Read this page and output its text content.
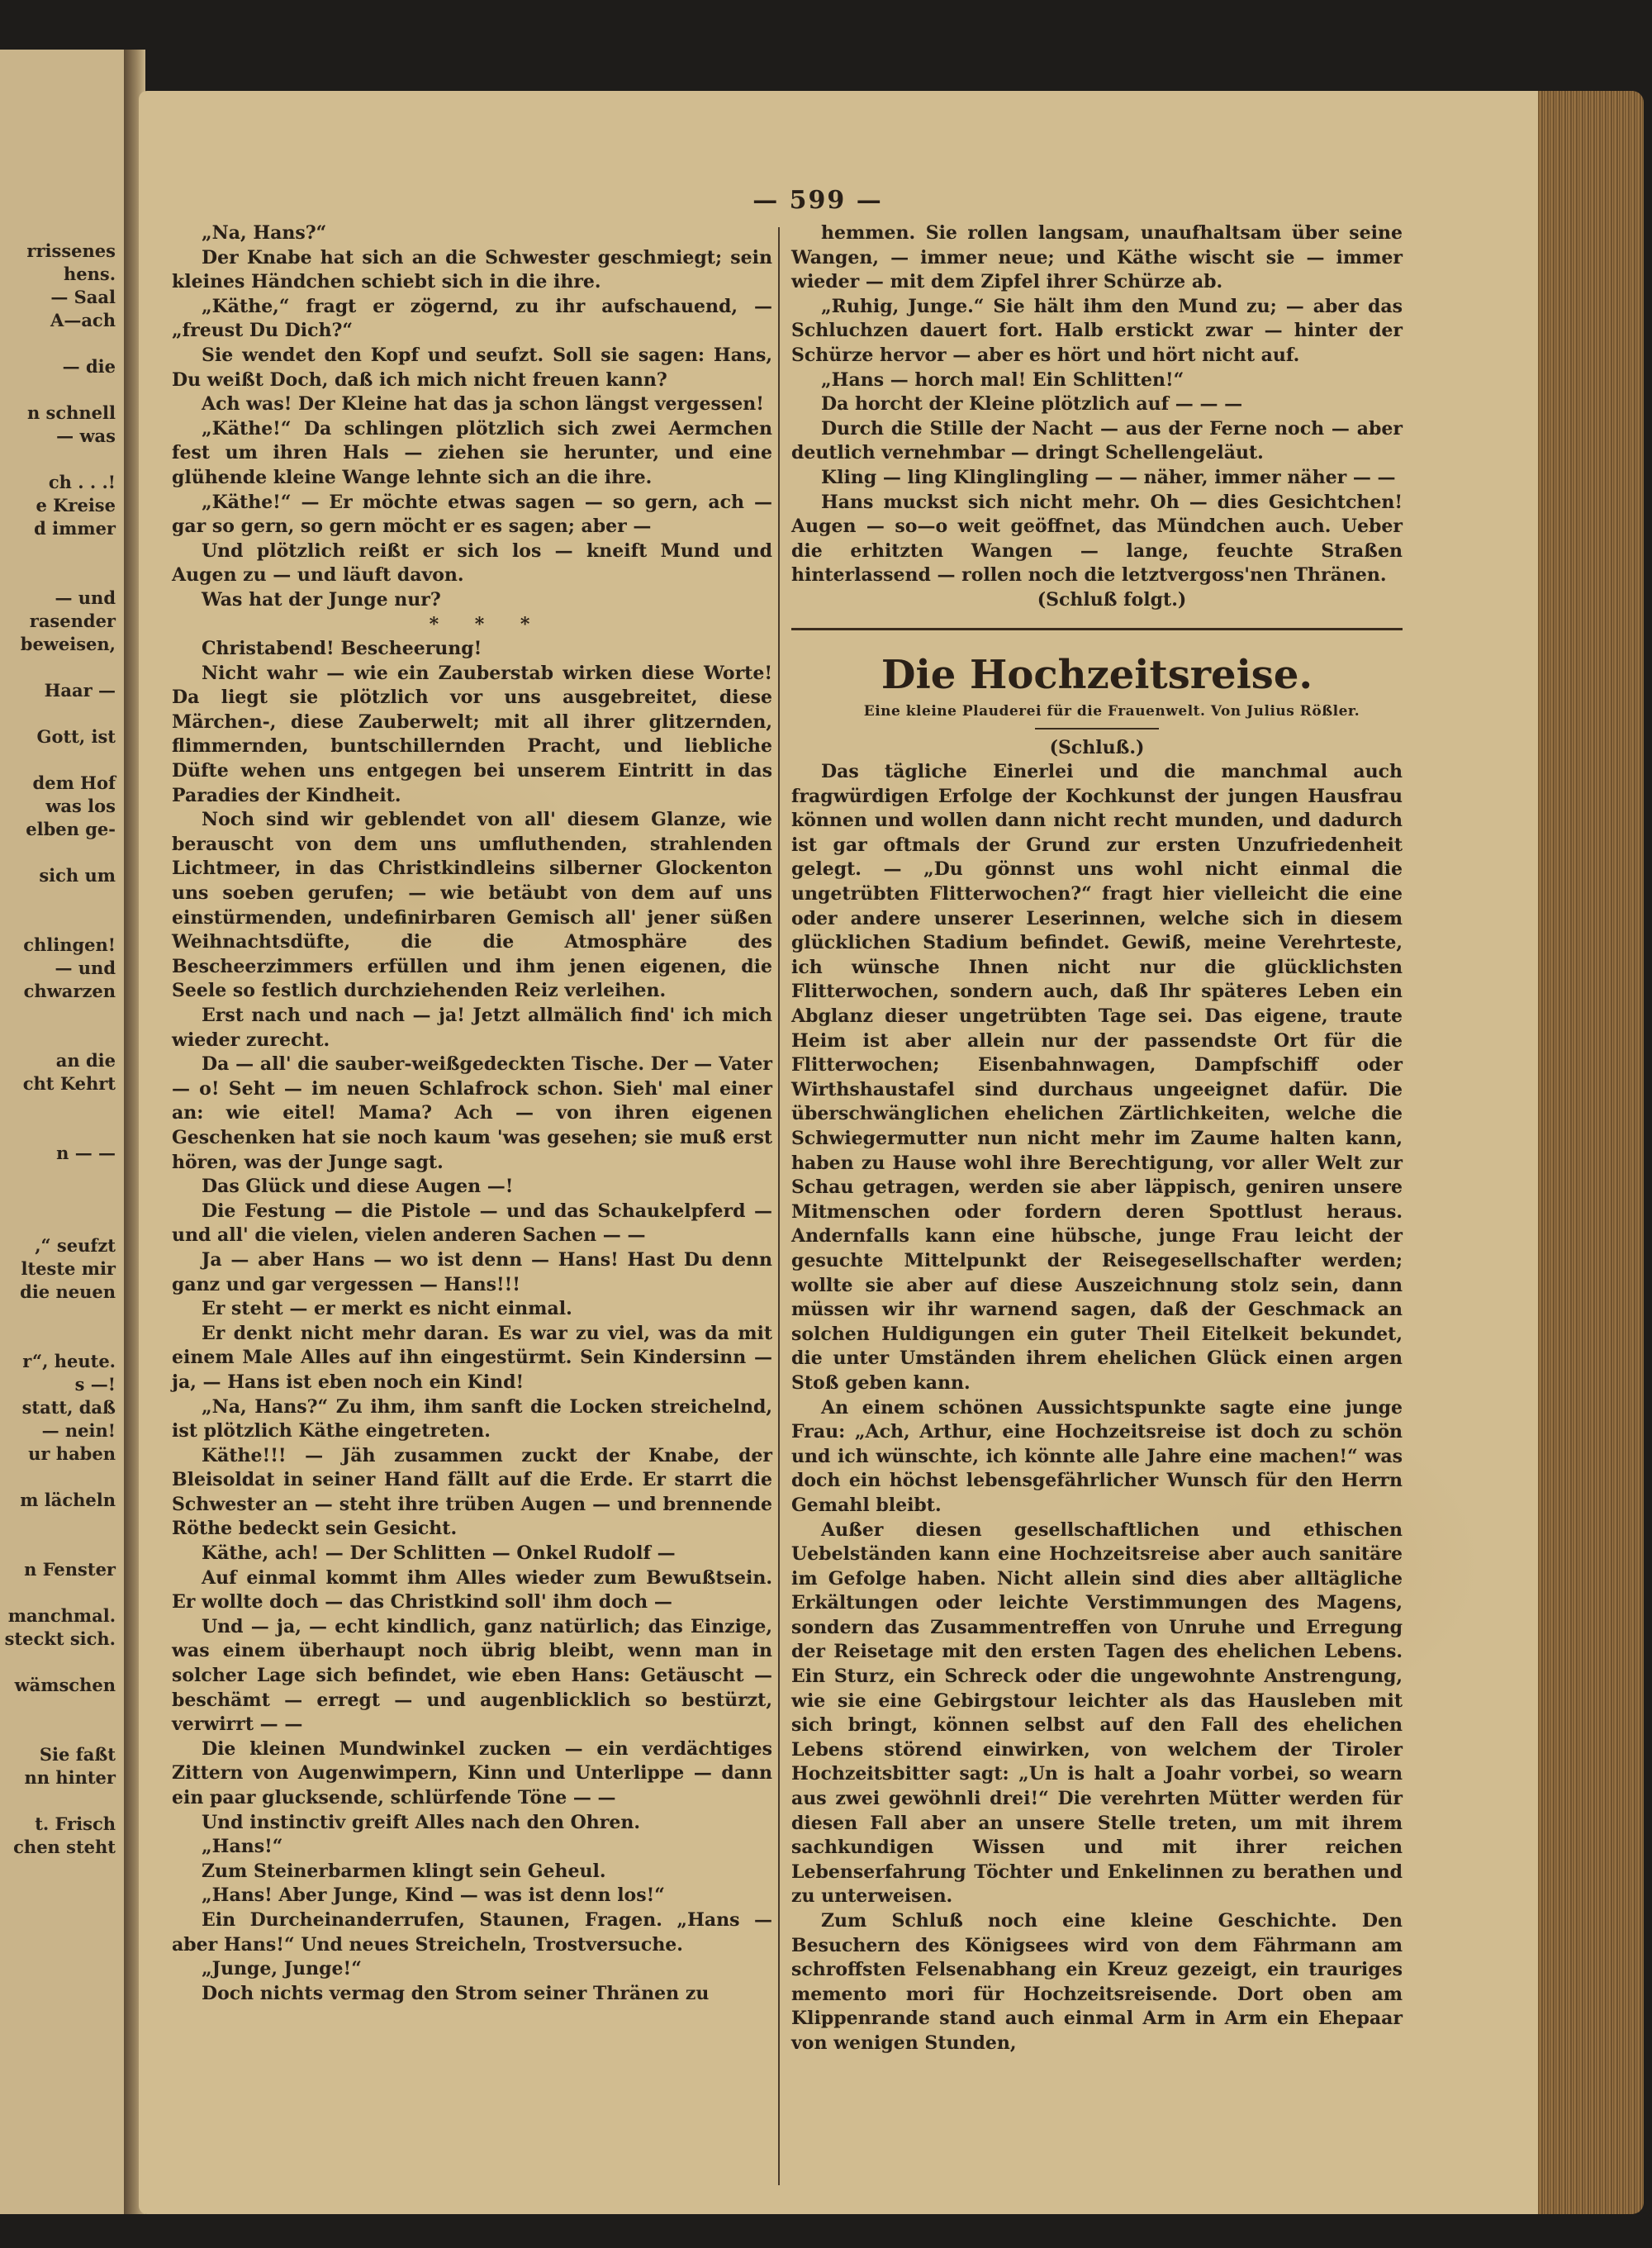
rrissenes

hens.

— Saal

A—ach

— die

n schnell

— was

ch . . .!

e Kreise

d immer

— und

rasender

beweisen,

Haar —

Gott, ist

dem Hof

was los

elben ge-

sich um

chlingen!

— und

chwarzen

an die

cht Kehrt

n — —

,“ seufzt

lteste mir

die neuen

r“, heute.

s —!

statt, daß

— nein!

ur haben

m lächeln

n Fenster

manchmal.

steckt sich.

wämschen

Sie faßt

nn hinter

t. Frisch

chen steht

— 599 —

„Na, Hans?“

Der Knabe hat sich an die Schwester geschmiegt; sein kleines Händchen schiebt sich in die ihre.

„Käthe,“ fragt er zögernd, zu ihr aufschauend, — „freust Du Dich?“

Sie wendet den Kopf und seufzt. Soll sie sagen: Hans, Du weißt Doch, daß ich mich nicht freuen kann?

Ach was! Der Kleine hat das ja schon längst vergessen!

„Käthe!“ Da schlingen plötzlich sich zwei Aermchen fest um ihren Hals — ziehen sie herunter, und eine glühende kleine Wange lehnte sich an die ihre.

„Käthe!“ — Er möchte etwas sagen — so gern, ach — gar so gern, so gern möcht er es sagen; aber —

Und plötzlich reißt er sich los — kneift Mund und Augen zu — und läuft davon.

Was hat der Junge nur?

* * *

Christabend! Bescheerung!

Nicht wahr — wie ein Zauberstab wirken diese Worte! Da liegt sie plötzlich vor uns ausgebreitet, diese Märchen-, diese Zauberwelt; mit all ihrer glitzernden, flimmernden, buntschillernden Pracht, und liebliche Düfte wehen uns entgegen bei unserem Eintritt in das Paradies der Kindheit.

Noch sind wir geblendet von all' diesem Glanze, wie berauscht von dem uns umfluthenden, strahlenden Lichtmeer, in das Christkindleins silberner Glockenton uns soeben gerufen; — wie betäubt von dem auf uns einstürmenden, undefinirbaren Gemisch all' jener süßen Weihnachtsdüfte, die die Atmosphäre des Bescheerzimmers erfüllen und ihm jenen eigenen, die Seele so festlich durchziehenden Reiz verleihen.

Erst nach und nach — ja! Jetzt allmälich find' ich mich wieder zurecht.

Da — all' die sauber-weißgedeckten Tische. Der — Vater — o! Seht — im neuen Schlafrock schon. Sieh' mal einer an: wie eitel! Mama? Ach — von ihren eigenen Geschenken hat sie noch kaum 'was gesehen; sie muß erst hören, was der Junge sagt.

Das Glück und diese Augen —!

Die Festung — die Pistole — und das Schaukelpferd — und all' die vielen, vielen anderen Sachen — —

Ja — aber Hans — wo ist denn — Hans! Hast Du denn ganz und gar vergessen — Hans!!!

Er steht — er merkt es nicht einmal.

Er denkt nicht mehr daran. Es war zu viel, was da mit einem Male Alles auf ihn eingestürmt. Sein Kindersinn — ja, — Hans ist eben noch ein Kind!

„Na, Hans?“ Zu ihm, ihm sanft die Locken streichelnd, ist plötzlich Käthe eingetreten.

Käthe!!! — Jäh zusammen zuckt der Knabe, der Bleisoldat in seiner Hand fällt auf die Erde. Er starrt die Schwester an — steht ihre trüben Augen — und brennende Röthe bedeckt sein Gesicht.

Käthe, ach! — Der Schlitten — Onkel Rudolf —

Auf einmal kommt ihm Alles wieder zum Bewußtsein. Er wollte doch — das Christkind soll' ihm doch —

Und — ja, — echt kindlich, ganz natürlich; das Einzige, was einem überhaupt noch übrig bleibt, wenn man in solcher Lage sich befindet, wie eben Hans: Getäuscht — beschämt — erregt — und augenblicklich so bestürzt, verwirrt — —

Die kleinen Mundwinkel zucken — ein verdächtiges Zittern von Augenwimpern, Kinn und Unterlippe — dann ein paar glucksende, schlürfende Töne — —

Und instinctiv greift Alles nach den Ohren.

„Hans!“

Zum Steinerbarmen klingt sein Geheul.

„Hans! Aber Junge, Kind — was ist denn los!“

Ein Durcheinanderrufen, Staunen, Fragen. „Hans — aber Hans!“ Und neues Streicheln, Trostversuche.

„Junge, Junge!“

Doch nichts vermag den Strom seiner Thränen zu

hemmen. Sie rollen langsam, unaufhaltsam über seine Wangen, — immer neue; und Käthe wischt sie — immer wieder — mit dem Zipfel ihrer Schürze ab.

„Ruhig, Junge.“ Sie hält ihm den Mund zu; — aber das Schluchzen dauert fort. Halb erstickt zwar — hinter der Schürze hervor — aber es hört und hört nicht auf.

„Hans — horch mal! Ein Schlitten!“

Da horcht der Kleine plötzlich auf — — —

Durch die Stille der Nacht — aus der Ferne noch — aber deutlich vernehmbar — dringt Schellengeläut.

Kling — ling Klinglingling — — näher, immer näher — —

Hans muckst sich nicht mehr. Oh — dies Gesichtchen! Augen — so—o weit geöffnet, das Mündchen auch. Ueber die erhitzten Wangen — lange, feuchte Straßen hinterlassend — rollen noch die letztvergoss'nen Thränen.

(Schluß folgt.)

Die Hochzeitsreise.

Eine kleine Plauderei für die Frauenwelt. Von Julius Rößler.

(Schluß.)

Das tägliche Einerlei und die manchmal auch fragwürdigen Erfolge der Kochkunst der jungen Hausfrau können und wollen dann nicht recht munden, und dadurch ist gar oftmals der Grund zur ersten Unzufriedenheit gelegt. — „Du gönnst uns wohl nicht einmal die ungetrübten Flitterwochen?“ fragt hier vielleicht die eine oder andere unserer Leserinnen, welche sich in diesem glücklichen Stadium befindet. Gewiß, meine Verehrteste, ich wünsche Ihnen nicht nur die glücklichsten Flitterwochen, sondern auch, daß Ihr späteres Leben ein Abglanz dieser ungetrübten Tage sei. Das eigene, traute Heim ist aber allein nur der passendste Ort für die Flitterwochen; Eisenbahnwagen, Dampfschiff oder Wirthshaustafel sind durchaus ungeeignet dafür. Die überschwänglichen ehelichen Zärtlichkeiten, welche die Schwiegermutter nun nicht mehr im Zaume halten kann, haben zu Hause wohl ihre Berechtigung, vor aller Welt zur Schau getragen, werden sie aber läppisch, geniren unsere Mitmenschen oder fordern deren Spottlust heraus. Andernfalls kann eine hübsche, junge Frau leicht der gesuchte Mittelpunkt der Reisegesellschafter werden; wollte sie aber auf diese Auszeichnung stolz sein, dann müssen wir ihr warnend sagen, daß der Geschmack an solchen Huldigungen ein guter Theil Eitelkeit bekundet, die unter Umständen ihrem ehelichen Glück einen argen Stoß geben kann.

An einem schönen Aussichtspunkte sagte eine junge Frau: „Ach, Arthur, eine Hochzeitsreise ist doch zu schön und ich wünschte, ich könnte alle Jahre eine machen!“ was doch ein höchst lebensgefährlicher Wunsch für den Herrn Gemahl bleibt.

Außer diesen gesellschaftlichen und ethischen Uebelständen kann eine Hochzeitsreise aber auch sanitäre im Gefolge haben. Nicht allein sind dies aber alltägliche Erkältungen oder leichte Verstimmungen des Magens, sondern das Zusammentreffen von Unruhe und Erregung der Reisetage mit den ersten Tagen des ehelichen Lebens. Ein Sturz, ein Schreck oder die ungewohnte Anstrengung, wie sie eine Gebirgstour leichter als das Hausleben mit sich bringt, können selbst auf den Fall des ehelichen Lebens störend einwirken, von welchem der Tiroler Hochzeitsbitter sagt: „Un is halt a Joahr vorbei, so wearn aus zwei gewöhnli drei!“ Die verehrten Mütter werden für diesen Fall aber an unsere Stelle treten, um mit ihrem sachkundigen Wissen und mit ihrer reichen Lebenserfahrung Töchter und Enkelinnen zu berathen und zu unterweisen.

Zum Schluß noch eine kleine Geschichte. Den Besuchern des Königsees wird von dem Fährmann am schroffsten Felsenabhang ein Kreuz gezeigt, ein trauriges memento mori für Hochzeitsreisende. Dort oben am Klippenrande stand auch einmal Arm in Arm ein Ehepaar von wenigen Stunden,
